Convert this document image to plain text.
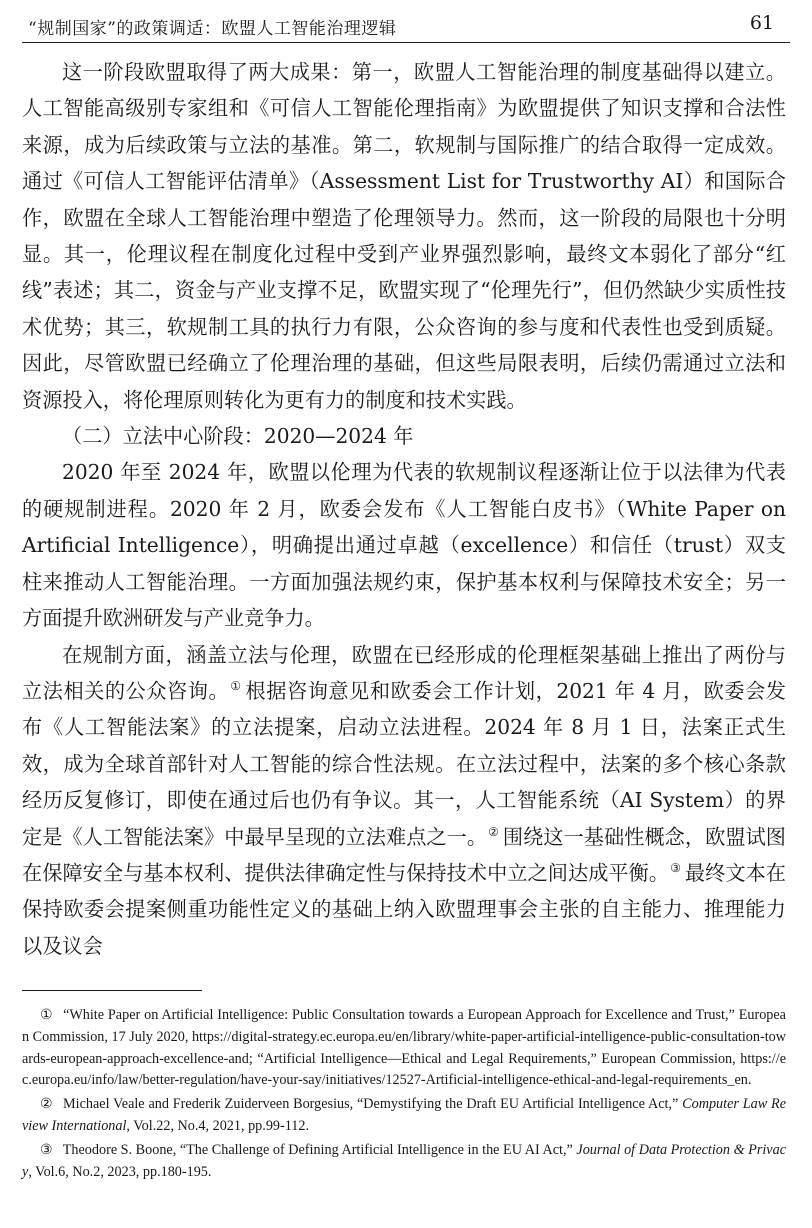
“规制国家”的政策调适：欧盟人工智能治理逻辑	61

这一阶段欧盟取得了两大成果：第一，欧盟人工智能治理的制度基础得以建立。人工智能高级别专家组和《可信人工智能伦理指南》为欧盟提供了知识支撑和合法性来源，成为后续政策与立法的基准。第二，软规制与国际推广的结合取得一定成效。通过《可信人工智能评估清单》（Assessment List for Trustworthy AI）和国际合作，欧盟在全球人工智能治理中塑造了伦理领导力。然而，这一阶段的局限也十分明显。其一，伦理议程在制度化过程中受到产业界强烈影响，最终文本弱化了部分“红线”表述；其二，资金与产业支撑不足，欧盟实现了“伦理先行”，但仍然缺少实质性技术优势；其三，软规制工具的执行力有限，公众咨询的参与度和代表性也受到质疑。因此，尽管欧盟已经确立了伦理治理的基础，但这些局限表明，后续仍需通过立法和资源投入，将伦理原则转化为更有力的制度和技术实践。

（二）立法中心阶段：2020—2024 年

2020 年至 2024 年，欧盟以伦理为代表的软规制议程逐渐让位于以法律为代表的硬规制进程。2020 年 2 月，欧委会发布《人工智能白皮书》（White Paper on Artificial Intelligence），明确提出通过卓越（excellence）和信任（trust）双支柱来推动人工智能治理。一方面加强法规约束，保护基本权利与保障技术安全；另一方面提升欧洲研发与产业竞争力。

在规制方面，涵盖立法与伦理，欧盟在已经形成的伦理框架基础上推出了两份与立法相关的公众咨询。① 根据咨询意见和欧委会工作计划，2021 年 4 月，欧委会发布《人工智能法案》的立法提案，启动立法进程。2024 年 8 月 1 日，法案正式生效，成为全球首部针对人工智能的综合性法规。在立法过程中，法案的多个核心条款经历反复修订，即使在通过后也仍有争议。其一，人工智能系统（AI System）的界定是《人工智能法案》中最早呈现的立法难点之一。② 围绕这一基础性概念，欧盟试图在保障安全与基本权利、提供法律确定性与保持技术中立之间达成平衡。③ 最终文本在保持欧委会提案侧重功能性定义的基础上纳入欧盟理事会主张的自主能力、推理能力以及议会

① “White Paper on Artificial Intelligence: Public Consultation towards a European Approach for Excellence and Trust,” European Commission, 17 July 2020, https://digital-strategy.ec.europa.eu/en/library/white-paper-artificial-intelligence-public-consultation-towards-european-approach-excellence-and; “Artificial Intelligence—Ethical and Legal Requirements,” European Commission, https://ec.europa.eu/info/law/better-regulation/have-your-say/initiatives/12527-Artificial-intelligence-ethical-and-legal-requirements_en.

② Michael Veale and Frederik Zuiderveen Borgesius, “Demystifying the Draft EU Artificial Intelligence Act,” Computer Law Review International, Vol.22, No.4, 2021, pp.99-112.

③ Theodore S. Boone, “The Challenge of Defining Artificial Intelligence in the EU AI Act,” Journal of Data Protection & Privacy, Vol.6, No.2, 2023, pp.180-195.
